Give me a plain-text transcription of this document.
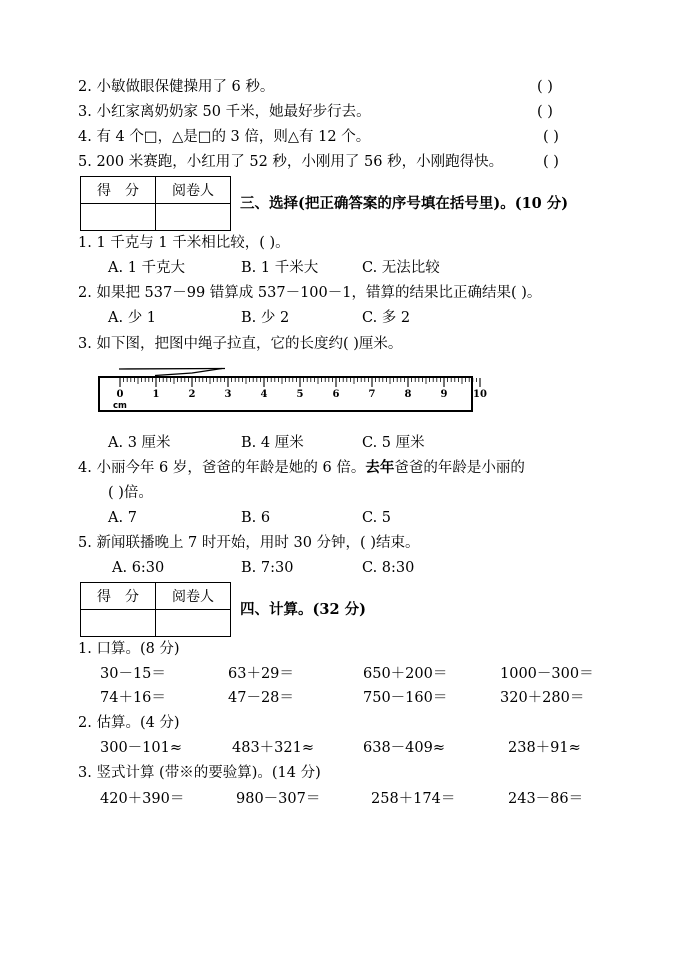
2. 小敏做眼保健操用了 6 秒。	( )
3. 小红家离奶奶家 50 千米，她最好步行去。	( )
4. 有 4 个□，△是□的 3 倍，则△有 12 个。	( )
5. 200 米赛跑，小红用了 52 秒，小刚用了 56 秒，小刚跑得快。	( )
得　分	阅卷人

三、选择(把正确答案的序号填在括号里)。(10 分)
1. 1 千克与 1 千米相比较，( )。
A. 1 千克大	B. 1 千米大	C. 无法比较
2. 如果把 537－99 错算成 537－100－1，错算的结果比正确结果( )。
A. 少 1	B. 少 2	C. 多 2
3. 如下图，把图中绳子拉直，它的长度约( )厘米。
0	1	2	3	4	5	6	7	8	9	10
cm
A. 3 厘米	B. 4 厘米	C. 5 厘米
4. 小丽今年 6 岁，爸爸的年龄是她的 6 倍。去年爸爸的年龄是小丽的
( )倍。
A. 7	B. 6	C. 5
5. 新闻联播晚上 7 时开始，用时 30 分钟，( )结束。
A. 6:30	B. 7:30	C. 8:30
得　分	阅卷人

四、计算。(32 分)
1. 口算。(8 分)
30－15＝	63＋29＝	650＋200＝	1000－300＝
74＋16＝	47－28＝	750－160＝	320＋280＝
2. 估算。(4 分)
300－101≈	483＋321≈	638－409≈	238＋91≈
3. 竖式计算 (带※的要验算)。(14 分)
420＋390＝	980－307＝	258＋174＝	243－86＝
